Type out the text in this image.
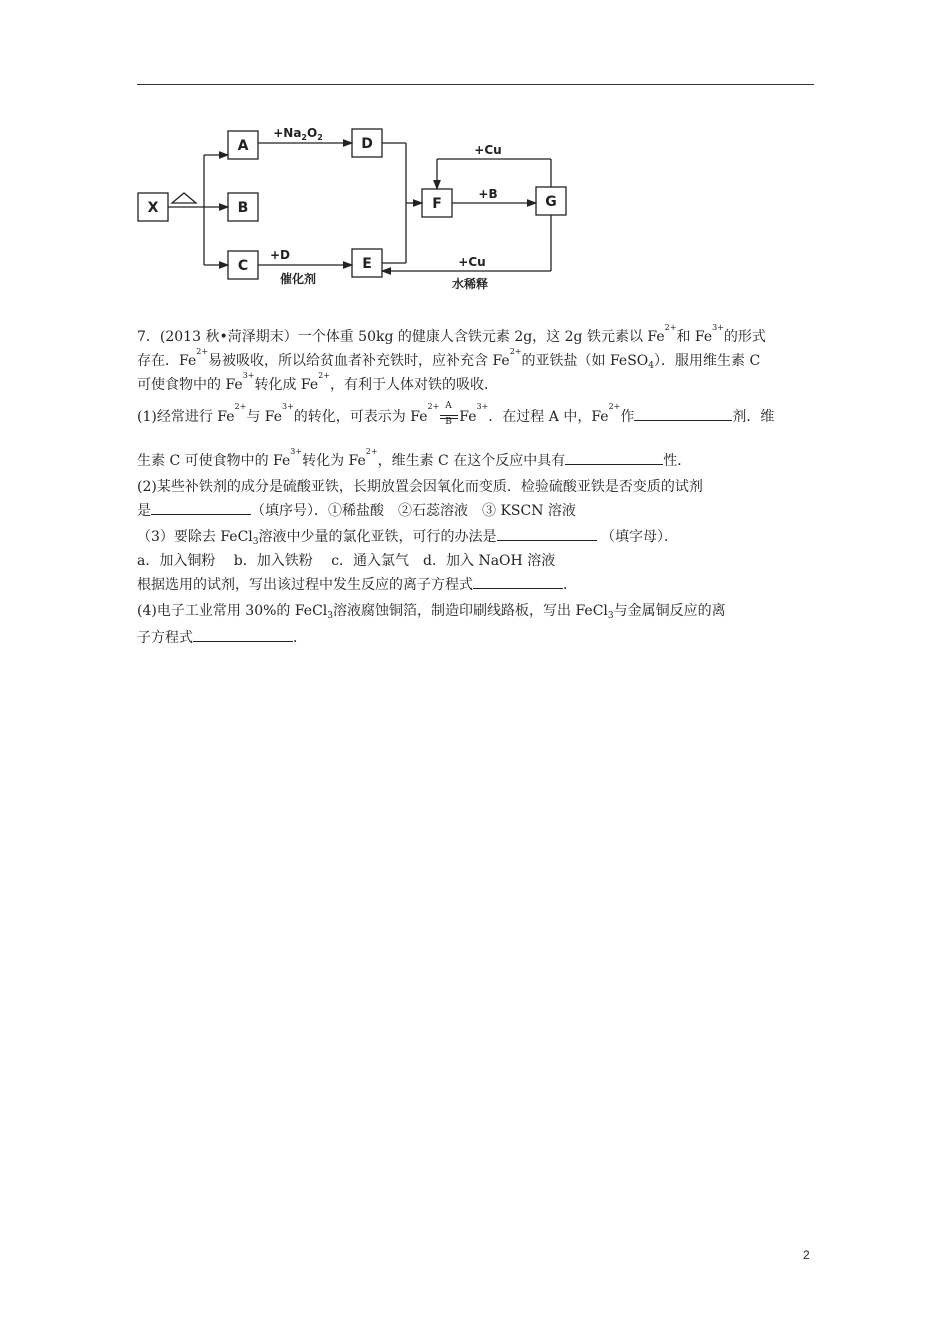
X
A
B
C
D
E
F	G
$+Na_2O_2$
+D
催化剂
+Cu
+B
+Cu
水稀释
7．(2013 秋•菏泽期末）一个体重 50kg 的健康人含铁元素 2g，这 2g 铁元素以 $Fe^{2+}$和 $Fe^{3+}$的形式
存在．$Fe^{2+}$易被吸收，所以给贫血者补充铁时，应补充含 $Fe^{2+}$的亚铁盐（如 FeSO$_4$）．服用维生素 C
可使食物中的 $Fe^{3+}$转化成 $Fe^{2+}$，有利于人体对铁的吸收．
(1)经常进行 $Fe^{2+}$与 $Fe^{3+}$的转化，可表示为 $Fe^{2+} \frac{A}{B} Fe^{3+}$．在过程 A 中，$Fe^{2+}$作	剂．维
生素 C 可使食物中的 $Fe^{3+}$转化为 $Fe^{2+}$，维生素 C 在这个反应中具有	性．
(2)某些补铁剂的成分是硫酸亚铁，长期放置会因氧化而变质．检验硫酸亚铁是否变质的试剂
是	（填序号）．①稀盐酸　②石蕊溶液　③ KSCN 溶液
（3）要除去 FeCl$_3$溶液中少量的氯化亚铁，可行的办法是	（填字母）．
a．加入铜粉　 b．加入铁粉　 c．通入氯气　d．加入 NaOH 溶液
根据选用的试剂，写出该过程中发生反应的离子方程式	．
(4)电子工业常用 30%的 FeCl$_3$溶液腐蚀铜箔，制造印刷线路板，写出 FeCl$_3$与金属铜反应的离
子方程式	．
2
